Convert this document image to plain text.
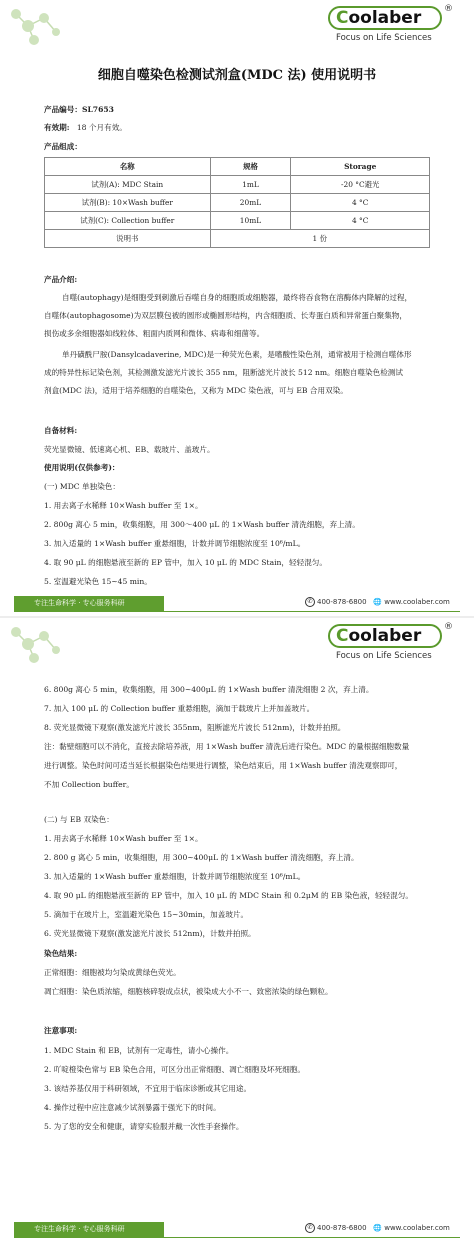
Coolaber	®
Focus on Life Sciences
细胞自噬染色检测试剂盒(MDC 法) 使用说明书
产品编号：SL7653
有效期: 18 个月有效。
产品组成：
名称	规格	Storage
试剂(A): MDC Stain	1mL	-20 °C避光
试剂(B): 10×Wash buffer	20mL	4 °C
试剂(C): Collection buffer	10mL	4 °C
说明书	1 份	
产品介绍:
自噬(autophagy)是细胞受到刺激后吞噬自身的细胞质或细胞器，最终将吞食物在溶酶体内降解的过程，
自噬体(autophagosome)为双层膜包被的圆形或椭圆形结构，内含细胞质、长寿蛋白质和异常蛋白聚集物，
损伤或多余细胞器如线粒体、粗面内质网和微体、病毒和细菌等。
单丹磺酰尸胺(Dansylcadaverine, MDC)是一种荧光色素，是嗜酸性染色剂，通常被用于检测自噬体形
成的特异性标记染色剂，其检测激发滤光片波长 355 nm，阻断滤光片波长 512 nm。细胞自噬染色检测试
剂盒(MDC 法)，适用于培养细胞的自噬染色，又称为 MDC 染色液，可与 EB 合用双染。
自备材料:
荧光显微镜、低速离心机、EB、载玻片、盖玻片。
使用说明(仅供参考)：
(一) MDC 单独染色：
1. 用去离子水稀释 10×Wash buffer 至 1×。
2. 800g 离心 5 min，收集细胞，用 300～400 μL 的 1×Wash buffer 清洗细胞，弃上清。
3. 加入适量的 1×Wash buffer 重悬细胞，计数并调节细胞浓度至 10⁶/mL。
4. 取 90 μL 的细胞悬液至新的 EP 管中，加入 10 μL 的 MDC Stain，轻轻混匀。
5. 室温避光染色 15~45 min。
专注生命科学 · 专心服务科研	✆ 400-878-6800 🌐 www.coolaber.com
Coolaber	®
Focus on Life Sciences
6. 800g 离心 5 min，收集细胞，用 300~400μL 的 1×Wash buffer 清洗细胞 2 次，弃上清。
7. 加入 100 μL 的 Collection buffer 重悬细胞，滴加于载玻片上并加盖玻片。
8. 荧光显微镜下观察(激发滤光片波长 355nm，阻断滤光片波长 512nm)，计数并拍照。
注：黏壁细胞可以不消化，直接去除培养液，用 1×Wash buffer 清洗后进行染色。MDC 的量根据细胞数量
进行调整。染色时间可适当延长根据染色结果进行调整，染色结束后，用 1×Wash buffer 清洗观察即可，
不加 Collection buffer。
(二) 与 EB 双染色：
1. 用去离子水稀释 10×Wash buffer 至 1×。
2. 800 g 离心 5 min，收集细胞，用 300~400μL 的 1×Wash buffer 清洗细胞，弃上清。
3. 加入适量的 1×Wash buffer 重悬细胞，计数并调节细胞浓度至 10⁶/mL。
4. 取 90 μL 的细胞悬液至新的 EP 管中，加入 10 μL 的 MDC Stain 和 0.2μM 的 EB 染色液，轻轻混匀。
5. 滴加于在玻片上，室温避光染色 15~30min，加盖玻片。
6. 荧光显微镜下观察(激发滤光片波长 512nm)，计数并拍照。
染色结果:
正常细胞：细胞被均匀染成黄绿色荧光。
凋亡细胞：染色质浓缩，细胞核碎裂成点状，被染成大小不一、致密浓染的绿色颗粒。
注意事项:
1. MDC Stain 和 EB，试剂有一定毒性，请小心操作。
2. 吖啶橙染色常与 EB 染色合用，可区分出正常细胞、凋亡细胞及坏死细胞。
3. 该结养基仅用于科研领域，不宜用于临床诊断或其它用途。
4. 操作过程中应注意减少试剂暴露于强光下的时间。
5. 为了您的安全和健康，请穿实验服并戴一次性手套操作。
专注生命科学 · 专心服务科研	✆ 400-878-6800 🌐 www.coolaber.com
